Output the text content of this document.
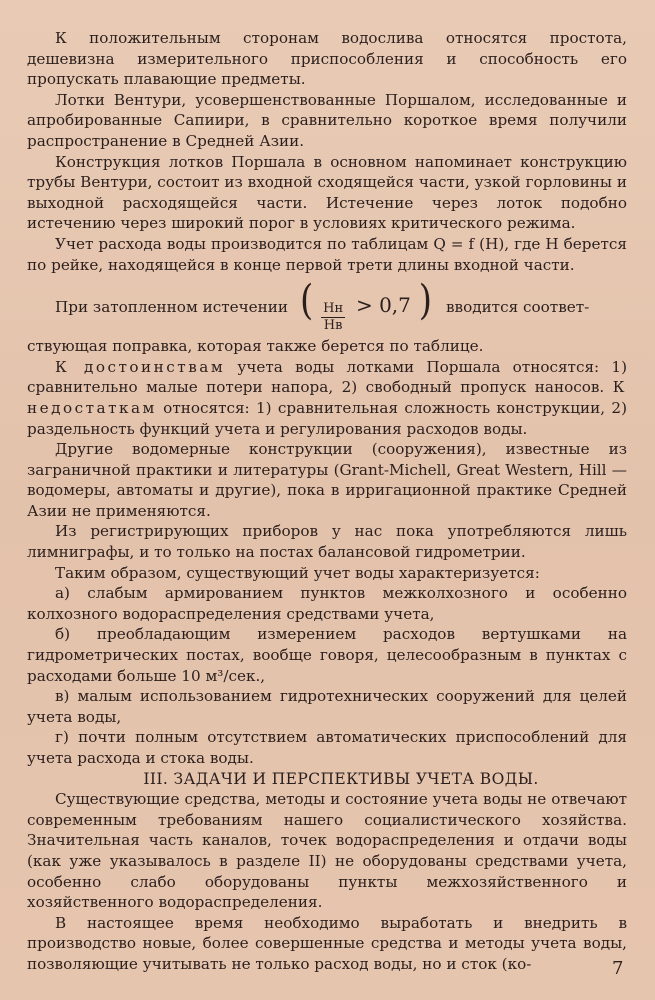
К положительным сторонам водослива относятся простота, дешевизна измерительного приспособления и способность его пропускать плавающие предметы.

Лотки Вентури, усовершенствованные Поршалом, исследованные и апробированные Сапиири, в сравнительно короткое время получили распространение в Средней Азии.

Конструкция лотков Поршала в основном напоминает конструкцию трубы Вентури, состоит из входной сходящейся части, узкой горловины и выходной расходящейся части. Истечение через лоток подобно истечению через широкий порог в условиях критического режима.

Учет расхода воды производится по таблицам Q = f (H), где H берется по рейке, находящейся в конце первой трети длины входной части.

При затопленном истечении ( $\frac{Hн}{Hв} > 0,7$ ) вводится соответ-

ствующая поправка, которая также берется по таблице.

К достоинствам учета воды лотками Поршала относятся: 1) сравнительно малые потери напора, 2) свободный пропуск наносов. К недостаткам относятся: 1) сравнительная сложность конструкции, 2) раздельность функций учета и регулирования расходов воды.

Другие водомерные конструкции (сооружения), известные из заграничной практики и литературы (Grant-Michell, Great Western, Hill — водомеры, автоматы и другие), пока в ирригационной практике Средней Азии не применяются.

Из регистрирующих приборов у нас пока употребляются лишь лимниграфы, и то только на постах балансовой гидрометрии.

Таким образом, существующий учет воды характеризуется:

а) слабым армированием пунктов межколхозного и особенно колхозного водораспределения средствами учета,

б) преобладающим измерением расходов вертушками на гидрометрических постах, вообще говоря, целесообразным в пунктах с расходами больше 10 м³/сек.,

в) малым использованием гидротехнических сооружений для целей учета воды,

г) почти полным отсутствием автоматических приспособлений для учета расхода и стока воды.

III. ЗАДАЧИ И ПЕРСПЕКТИВЫ УЧЕТА ВОДЫ.

Существующие средства, методы и состояние учета воды не отвечают современным требованиям нашего социалистического хозяйства. Значительная часть каналов, точек водораспределения и отдачи воды (как уже указывалось в разделе II) не оборудованы средствами учета, особенно слабо оборудованы пункты межхозяйственного и хозяйственного водораспределения.

В настоящее время необходимо выработать и внедрить в производство новые, более совершенные средства и методы учета воды, позволяющие учитывать не только расход воды, но и сток (ко-	7
